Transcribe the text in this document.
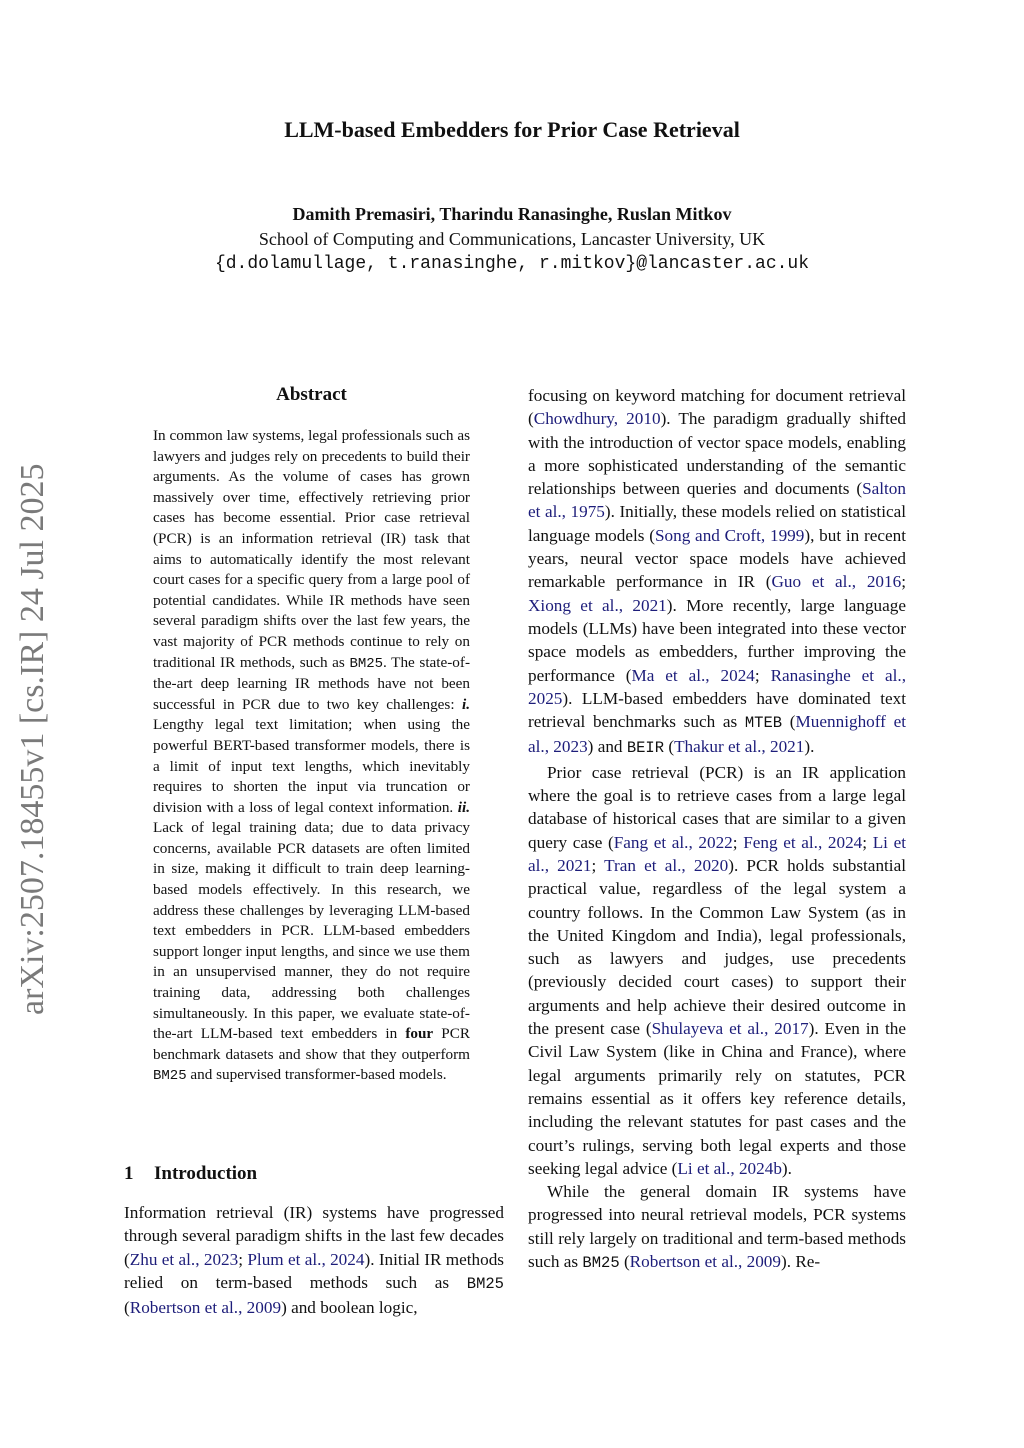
arXiv:2507.18455v1 [cs.IR] 24 Jul 2025
LLM-based Embedders for Prior Case Retrieval
Damith Premasiri, Tharindu Ranasinghe, Ruslan Mitkov
School of Computing and Communications, Lancaster University, UK
{d.dolamullage, t.ranasinghe, r.mitkov}@lancaster.ac.uk
Abstract
In common law systems, legal professionals such as lawyers and judges rely on precedents to build their arguments. As the volume of cases has grown massively over time, effectively retrieving prior cases has become essential. Prior case retrieval (PCR) is an information retrieval (IR) task that aims to automatically identify the most relevant court cases for a specific query from a large pool of potential candidates. While IR methods have seen several paradigm shifts over the last few years, the vast majority of PCR methods continue to rely on traditional IR methods, such as BM25. The state-of-the-art deep learning IR methods have not been successful in PCR due to two key challenges: i. Lengthy legal text limitation; when using the powerful BERT-based transformer models, there is a limit of input text lengths, which inevitably requires to shorten the input via truncation or division with a loss of legal context information. ii. Lack of legal training data; due to data privacy concerns, available PCR datasets are often limited in size, making it difficult to train deep learning-based models effectively. In this research, we address these challenges by leveraging LLM-based text embedders in PCR. LLM-based embedders support longer input lengths, and since we use them in an unsupervised manner, they do not require training data, addressing both challenges simultaneously. In this paper, we evaluate state-of-the-art LLM-based text embedders in four PCR benchmark datasets and show that they outperform BM25 and supervised transformer-based models.
1 Introduction

Information retrieval (IR) systems have progressed through several paradigm shifts in the last few decades (Zhu et al., 2023; Plum et al., 2024). Initial IR methods relied on term-based methods such as BM25 (Robertson et al., 2009) and boolean logic,

focusing on keyword matching for document retrieval (Chowdhury, 2010). The paradigm gradually shifted with the introduction of vector space models, enabling a more sophisticated understanding of the semantic relationships between queries and documents (Salton et al., 1975). Initially, these models relied on statistical language models (Song and Croft, 1999), but in recent years, neural vector space models have achieved remarkable performance in IR (Guo et al., 2016; Xiong et al., 2021). More recently, large language models (LLMs) have been integrated into these vector space models as embedders, further improving the performance (Ma et al., 2024; Ranasinghe et al., 2025). LLM-based embedders have dominated text retrieval benchmarks such as MTEB (Muennighoff et al., 2023) and BEIR (Thakur et al., 2021).

Prior case retrieval (PCR) is an IR application where the goal is to retrieve cases from a large legal database of historical cases that are similar to a given query case (Fang et al., 2022; Feng et al., 2024; Li et al., 2021; Tran et al., 2020). PCR holds substantial practical value, regardless of the legal system a country follows. In the Common Law System (as in the United Kingdom and India), legal professionals, such as lawyers and judges, use precedents (previously decided court cases) to support their arguments and help achieve their desired outcome in the present case (Shulayeva et al., 2017). Even in the Civil Law System (like in China and France), where legal arguments primarily rely on statutes, PCR remains essential as it offers key reference details, including the relevant statutes for past cases and the court’s rulings, serving both legal experts and those seeking legal advice (Li et al., 2024b).

While the general domain IR systems have progressed into neural retrieval models, PCR systems still rely largely on traditional and term-based methods such as BM25 (Robertson et al., 2009). Re-
